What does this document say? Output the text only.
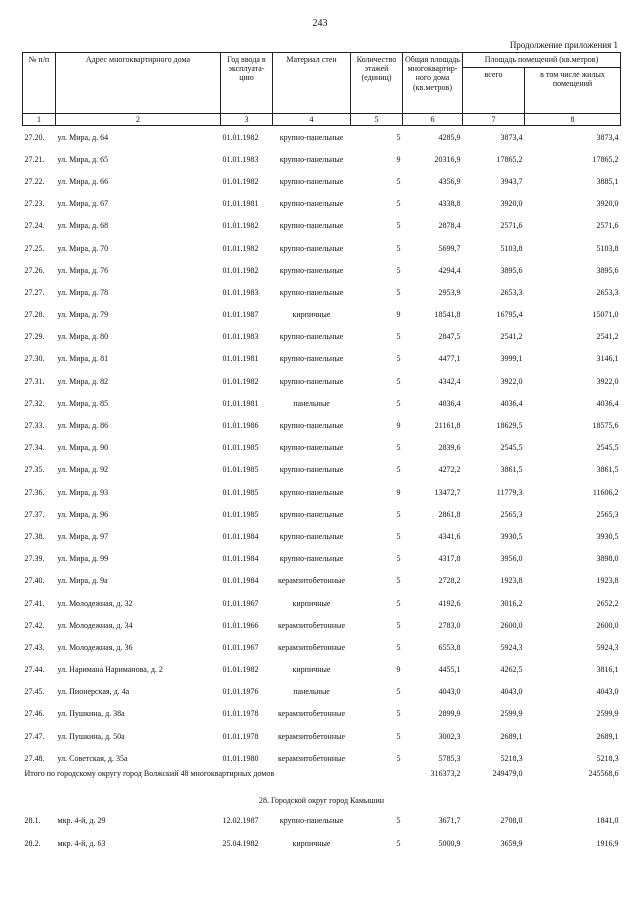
243
Продолжение приложения 1
№ п/п	Адрес многоквартирного дома	Год ввода в эксплуата-цию	Материал стен	Количество этажей (единиц)	Общая площадь многоквартир-ного дома (кв.метров)	Площадь помещений (кв.метров)	
						всего	в том числе жилых помещений
1	2	3	4	5	6	7	8
27.20.	ул. Мира, д. 64	01.01.1982	крупно-панельные	5	4285,9	3873,4	3873,4
27.21.	ул. Мира, д. 65	01.01.1983	крупно-панельные	9	20316,9	17865,2	17865,2
27.22.	ул. Мира, д. 66	01.01.1982	крупно-панельные	5	4356,9	3943,7	3885,1
27.23.	ул. Мира, д. 67	01.01.1981	крупно-панельные	5	4338,8	3920,0	3920,0
27.24.	ул. Мира, д. 68	01.01.1982	крупно-панельные	5	2878,4	2571,6	2571,6
27.25.	ул. Мира, д. 70	01.01.1982	крупно-панельные	5	5699,7	5103,8	5103,8
27.26.	ул. Мира, д. 76	01.01.1982	крупно-панельные	5	4294,4	3895,6	3895,6
27.27.	ул. Мира, д. 78	01.01.1983	крупно-панельные	5	2953,9	2653,3	2653,3
27.28.	ул. Мира, д. 79	01.01.1987	кирпичные	9	18541,8	16795,4	15071,0
27.29.	ул. Мира, д. 80	01.01.1983	крупно-панельные	5	2847,5	2541,2	2541,2
27.30.	ул. Мира, д. 81	01.01.1981	крупно-панельные	5	4477,1	3999,1	3146,1
27.31.	ул. Мира, д. 82	01.01.1982	крупно-панельные	5	4342,4	3922,0	3922,0
27.32.	ул. Мира, д. 85	01.01.1981	панельные	5	4036,4	4036,4	4036,4
27.33.	ул. Мира, д. 86	01.01.1986	крупно-панельные	9	21161,8	18629,5	18575,6
27.34.	ул. Мира, д. 90	01.01.1985	крупно-панельные	5	2839,6	2545,5	2545,5
27.35.	ул. Мира, д. 92	01.01.1985	крупно-панельные	5	4272,2	3861,5	3861,5
27.36.	ул. Мира, д. 93	01.01.1985	крупно-панельные	9	13472,7	11779,3	11606,2
27.37.	ул. Мира, д. 96	01.01.1985	крупно-панельные	5	2861,8	2565,3	2565,3
27.38.	ул. Мира, д. 97	01.01.1984	крупно-панельные	5	4341,6	3930,5	3930,5
27.39.	ул. Мира, д. 99	01.01.1984	крупно-панельные	5	4317,8	3956,0	3898,0
27.40.	ул. Мира, д. 9а	01.01.1984	керамзитобетонные	5	2728,2	1923,8	1923,8
27.41.	ул. Молодежная, д. 32	01.01.1967	кирпичные	5	4192,6	3016,2	2652,2
27.42.	ул. Молодежная, д. 34	01.01.1966	керамзитобетонные	5	2783,0	2600,0	2600,0
27.43.	ул. Молодежная, д. 36	01.01.1967	керамзитобетонные	5	6553,8	5924,3	5924,3
27.44.	ул. Наримана Нариманова, д. 2	01.01.1982	кирпичные	9	4455,1	4262,5	3816,1
27.45.	ул. Пионерская, д. 4а	01.01.1976	панельные	5	4043,0	4043,0	4043,0
27.46.	ул. Пушкина, д. 38а	01.01.1978	керамзитобетонные	5	2899,9	2599,9	2599,9
27.47.	ул. Пушкина, д. 50а	01.01.1978	керамзитобетонные	5	3002,3	2689,1	2689,1
27.48.	ул. Советская, д. 35а	01.01.1980	керамзитобетонные	5	5785,3	5218,3	5218,3
Итого по городскому округу город Волжский 48 многоквартирных домов					316373,2	249479,0	245568,6
28. Городской округ город Камышин							
28.1.	мкр. 4-й, д. 29	12.02.1987	крупно-панельные	5	3671,7	2708,0	1841,0
28.2.	мкр. 4-й, д. 63	25.04.1982	кирпичные	5	5000,9	3659,9	1916,9
